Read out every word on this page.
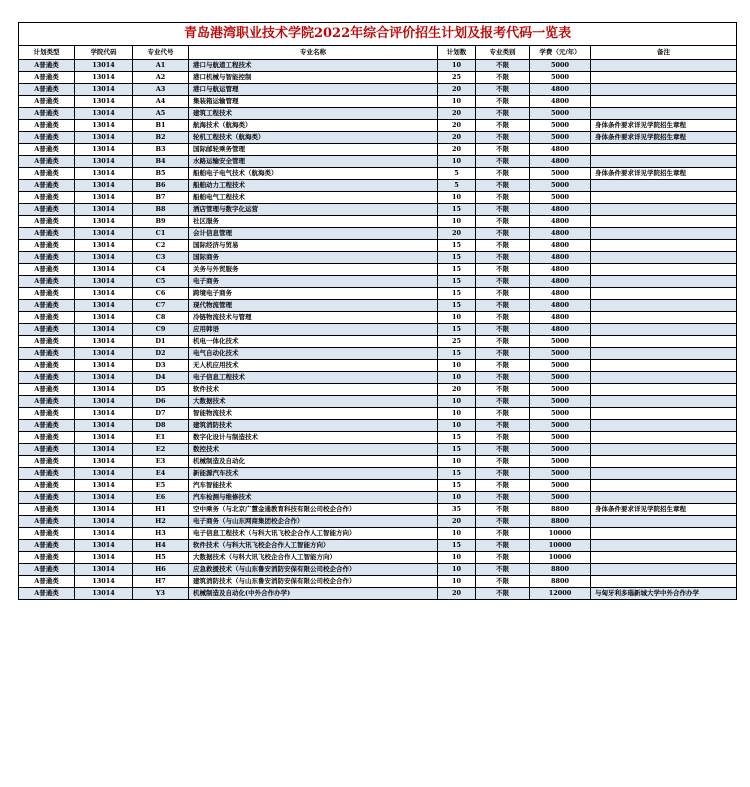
青岛港湾职业技术学院2022年综合评价招生计划及报考代码一览表							
计划类型	学院代码	专业代号	专业名称	计划数	专业类别	学费（元/年）	备注
A普通类	13014	A1	港口与航道工程技术	10	不限	5000	
A普通类	13014	A2	港口机械与智能控制	25	不限	5000	
A普通类	13014	A3	港口与航运管理	20	不限	4800	
A普通类	13014	A4	集装箱运输管理	10	不限	4800	
A普通类	13014	A5	建筑工程技术	20	不限	5000	
A普通类	13014	B1	航海技术（航海类）	20	不限	5000	身体条件要求详见学院招生章程
A普通类	13014	B2	轮机工程技术（航海类）	20	不限	5000	身体条件要求详见学院招生章程
A普通类	13014	B3	国际邮轮乘务管理	20	不限	4800	
A普通类	13014	B4	水路运输安全管理	10	不限	4800	
A普通类	13014	B5	船舶电子电气技术（航海类）	5	不限	5000	身体条件要求详见学院招生章程
A普通类	13014	B6	船舶动力工程技术	5	不限	5000	
A普通类	13014	B7	船舶电气工程技术	10	不限	5000	
A普通类	13014	B8	酒店管理与数字化运营	15	不限	4800	
A普通类	13014	B9	社区服务	10	不限	4800	
A普通类	13014	C1	会计信息管理	20	不限	4800	
A普通类	13014	C2	国际经济与贸易	15	不限	4800	
A普通类	13014	C3	国际商务	15	不限	4800	
A普通类	13014	C4	关务与外贸服务	15	不限	4800	
A普通类	13014	C5	电子商务	15	不限	4800	
A普通类	13014	C6	跨境电子商务	15	不限	4800	
A普通类	13014	C7	现代物流管理	15	不限	4800	
A普通类	13014	C8	冷链物流技术与管理	10	不限	4800	
A普通类	13014	C9	应用韩语	15	不限	4800	
A普通类	13014	D1	机电一体化技术	25	不限	5000	
A普通类	13014	D2	电气自动化技术	15	不限	5000	
A普通类	13014	D3	无人机应用技术	10	不限	5000	
A普通类	13014	D4	电子信息工程技术	10	不限	5000	
A普通类	13014	D5	软件技术	20	不限	5000	
A普通类	13014	D6	大数据技术	10	不限	5000	
A普通类	13014	D7	智能物流技术	10	不限	5000	
A普通类	13014	D8	建筑消防技术	10	不限	5000	
A普通类	13014	E1	数字化设计与制造技术	15	不限	5000	
A普通类	13014	E2	数控技术	15	不限	5000	
A普通类	13014	E3	机械制造及自动化	10	不限	5000	
A普通类	13014	E4	新能源汽车技术	15	不限	5000	
A普通类	13014	E5	汽车智能技术	15	不限	5000	
A普通类	13014	E6	汽车检测与维修技术	10	不限	5000	
A普通类	13014	H1	空中乘务（与北京广慧金通教育科技有限公司校企合作）	35	不限	8800	身体条件要求详见学院招生章程
A普通类	13014	H2	电子商务（与山东网商集团校企合作）	20	不限	8800	
A普通类	13014	H3	电子信息工程技术（与科大讯飞校企合作人工智能方向）	10	不限	10000	
A普通类	13014	H4	软件技术（与科大讯飞校企合作人工智能方向）	15	不限	10000	
A普通类	13014	H5	大数据技术（与科大讯飞校企合作人工智能方向）	10	不限	10000	
A普通类	13014	H6	应急救援技术（与山东鲁安消防安保有限公司校企合作）	10	不限	8800	
A普通类	13014	H7	建筑消防技术（与山东鲁安消防安保有限公司校企合作）	10	不限	8800	
A普通类	13014	Y3	机械制造及自动化(中外合作办学)	20	不限	12000	与匈牙利多瑙新城大学中外合作办学
